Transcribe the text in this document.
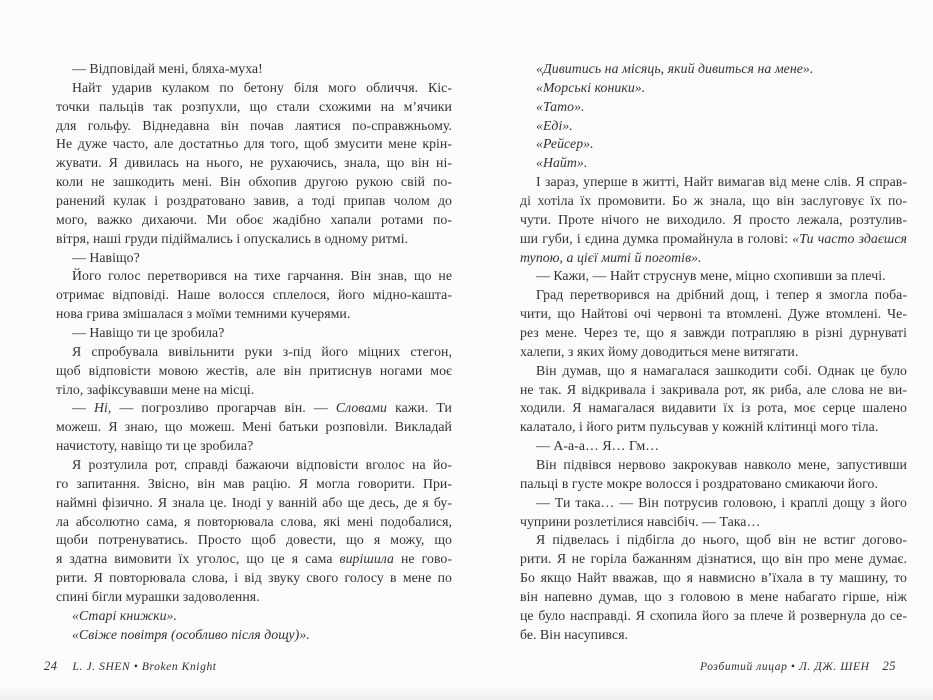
— Відповідай мені, бляха-муха!
Найт ударив кулаком по бетону біля мого обличчя. Кіс-
точки пальців так розпухли, що стали схожими на м’ячики
для гольфу. Віднедавна він почав лаятися по-справжньому.
Не дуже часто, але достатньо для того, щоб змусити мене крін-
жувати. Я дивилась на нього, не рухаючись, знала, що він ні-
коли не зашкодить мені. Він обхопив другою рукою свій по-
ранений кулак і роздратовано завив, а тоді припав чолом до
мого, важко дихаючи. Ми обоє жадібно хапали ротами по-
вітря, наші груди підіймались і опускались в одному ритмі.
— Навіщо?
Його голос перетворився на тихе гарчання. Він знав, що не
отримає відповіді. Наше волосся сплелося, його мідно-кашта-
нова грива змішалася з моїми темними кучерями.
— Навіщо ти це зробила?
Я спробувала вивільнити руки з-під його міцних стегон,
щоб відповісти мовою жестів, але він притиснув ногами моє
тіло, зафіксувавши мене на місці.
— Ні, — погрозливо прогарчав він. — Словами кажи. Ти
можеш. Я знаю, що можеш. Мені батьки розповіли. Викладай
начистоту, навіщо ти це зробила?
Я розтулила рот, справді бажаючи відповісти вголос на йо-
го запитання. Звісно, він мав рацію. Я могла говорити. При-
наймні фізично. Я знала це. Іноді у ванній або ще десь, де я бу-
ла абсолютно сама, я повторювала слова, які мені подобалися,
щоби потренуватись. Просто щоб довести, що я можу, що
я здатна вимовити їх уголос, що це я сама вирішила не гово-
рити. Я повторювала слова, і від звуку свого голосу в мене по
спині бігли мурашки задоволення.
«Старі книжки».
«Свіже повітря (особливо після дощу)».
«Дивитись на місяць, який дивиться на мене».
«Морські коники».
«Тато».
«Еді».
«Рейсер».
«Найт».
І зараз, уперше в житті, Найт вимагав від мене слів. Я справ-
ді хотіла їх промовити. Бо ж знала, що він заслуговує їх по-
чути. Проте нічого не виходило. Я просто лежала, розтулив-
ши губи, і єдина думка промайнула в голові: «Ти часто здаєшся
тупою, а цієї миті й поготів».
— Кажи, — Найт струснув мене, міцно схопивши за плечі.
Град перетворився на дрібний дощ, і тепер я змогла поба-
чити, що Найтові очі червоні та втомлені. Дуже втомлені. Че-
рез мене. Через те, що я завжди потрапляю в різні дурнуваті
халепи, з яких йому доводиться мене витягати.
Він думав, що я намагалася зашкодити собі. Однак це було
не так. Я відкривала і закривала рот, як риба, але слова не ви-
ходили. Я намагалася видавити їх із рота, моє серце шалено
калатало, і його ритм пульсував у кожній клітинці мого тіла.
— А-а-а… Я… Гм…
Він підвівся нервово закрокував навколо мене, запустивши
пальці в густе мокре волосся і роздратовано смикаючи його.
— Ти така… — Він потрусив головою, і краплі дощу з його
чуприни розлетілися навсібіч. — Така…
Я підвелась і підбігла до нього, щоб він не встиг догово-
рити. Я не горіла бажанням дізнатися, що він про мене думає.
Бо якщо Найт вважав, що я навмисно в’їхала в ту машину, то
він напевно думав, що з головою в мене набагато гірше, ніж
це було насправді. Я схопила його за плече й розвернула до се-
бе. Він насупився.
24 L. J. SHEN • Broken Knight	Розбитий лицар • Л. ДЖ. ШЕН 25
